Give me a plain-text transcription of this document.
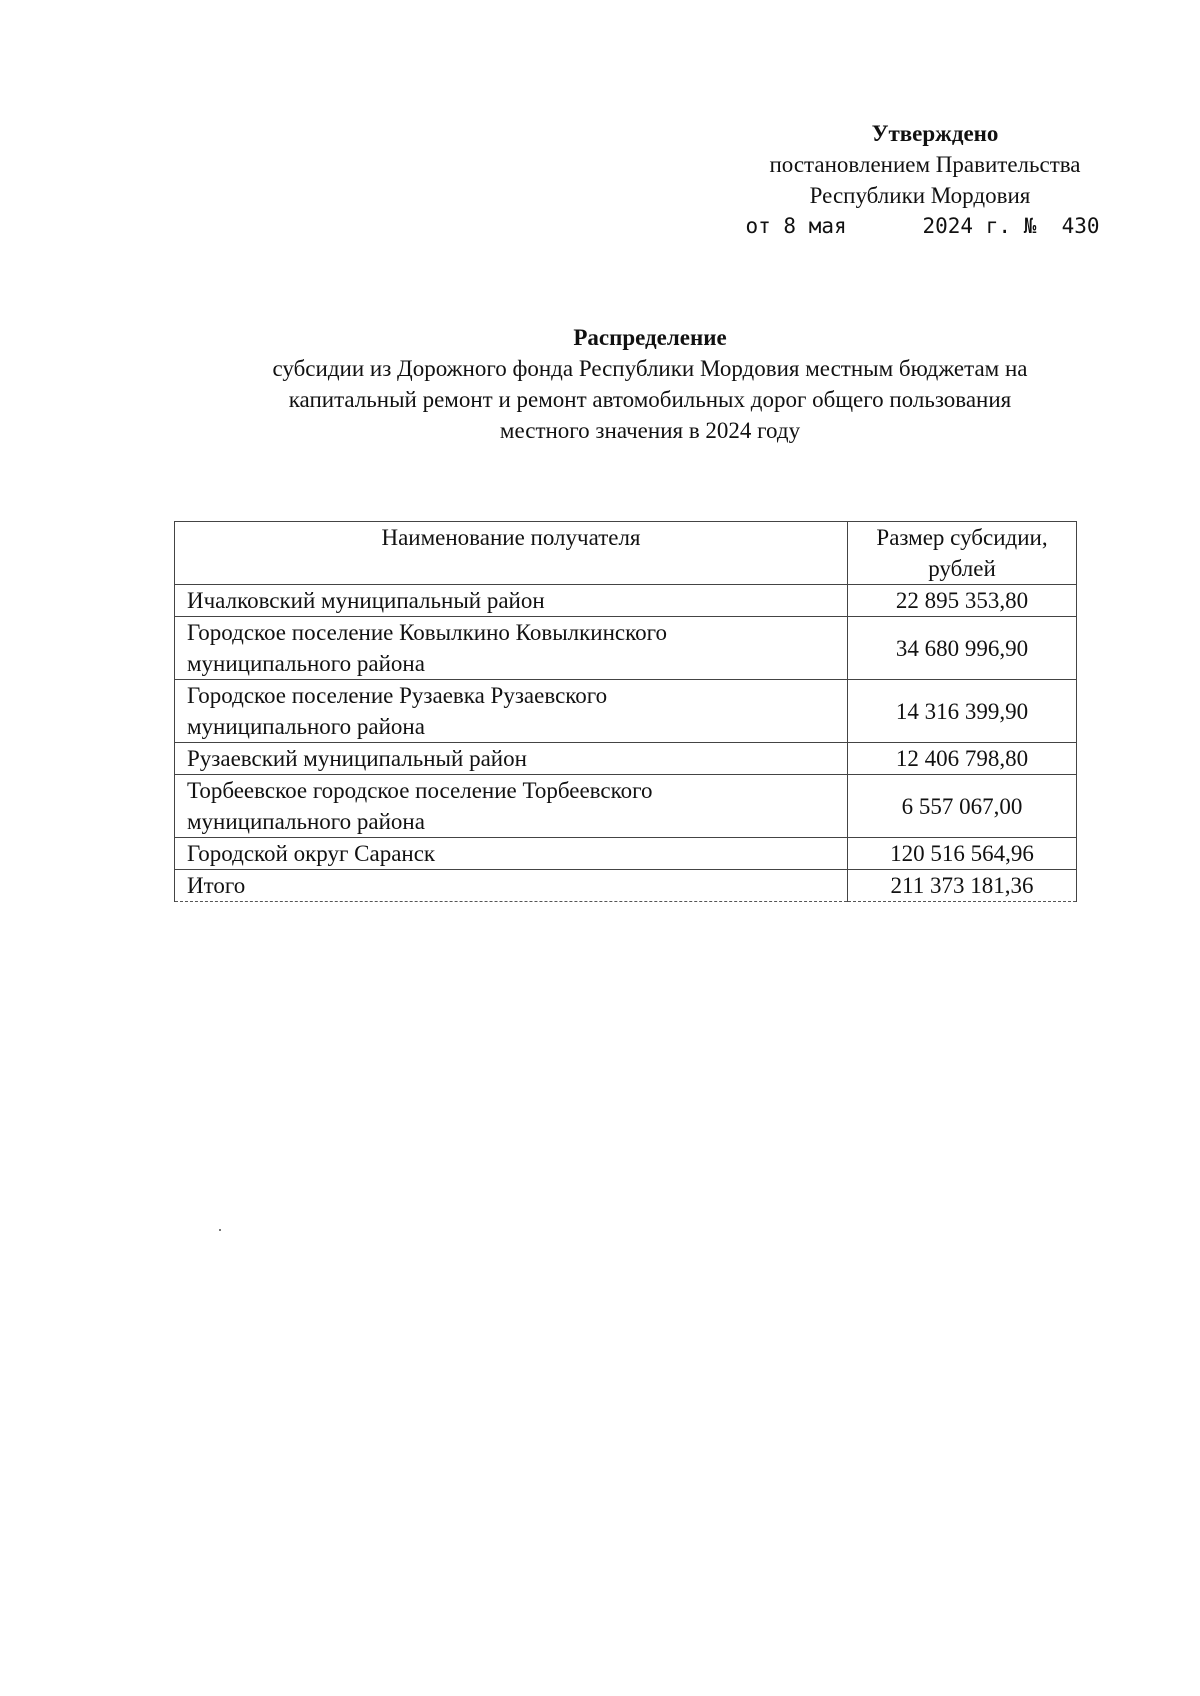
Утверждено
постановлением Правительства
Республики Мордовия
от 8 мая	2024 г. № 430
Распределение
субсидии из Дорожного фонда Республики Мордовия местным бюджетам на
капитальный ремонт и ремонт автомобильных дорог общего пользования
местного значения в 2024 году
Наименование получателя	Размер субсидии,
рублей

Ичалковский муниципальный район	22 895 353,80

Городское поселение Ковылкино Ковылкинского
муниципального района	34 680 996,90

Городское поселение Рузаевка Рузаевского
муниципального района	14 316 399,90

Рузаевский муниципальный район	12 406 798,80

Торбеевское городское поселение Торбеевского
муниципального района	6 557 067,00

Городской округ Саранск	120 516 564,96
Итого	211 373 181,36
